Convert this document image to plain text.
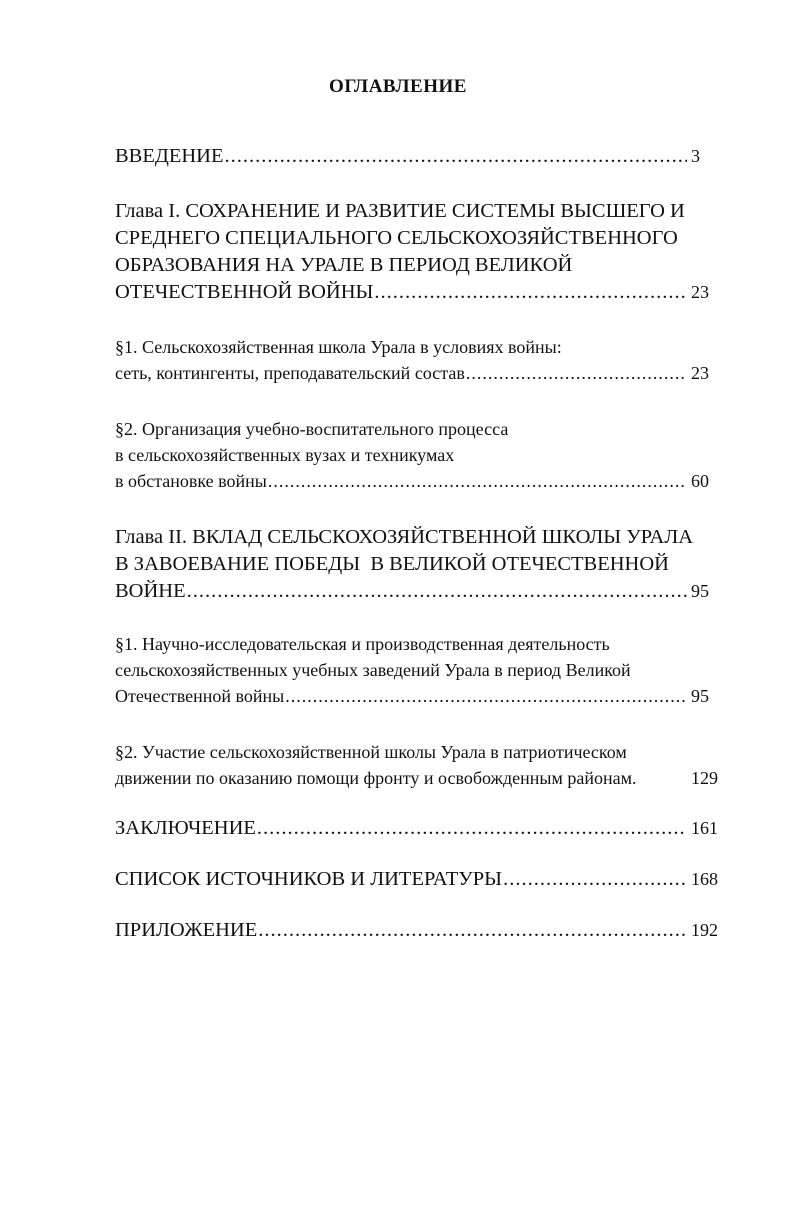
ОГЛАВЛЕНИЕ
ВВЕДЕНИЕ .....	3
Глава I. СОХРАНЕНИЕ И РАЗВИТИЕ СИСТЕМЫ ВЫСШЕГО И
СРЕДНЕГО СПЕЦИАЛЬНОГО СЕЛЬСКОХОЗЯЙСТВЕННОГО
ОБРАЗОВАНИЯ НА УРАЛЕ В ПЕРИОД ВЕЛИКОЙ
ОТЕЧЕСТВЕННОЙ ВОЙНЫ .....	23
§1. Сельскохозяйственная школа Урала в условиях войны:
сеть, контингенты, преподавательский состав .....	23
§2. Организация учебно-воспитательного процесса
в сельскохозяйственных вузах и техникумах
в обстановке войны .....	60
Глава II. ВКЛАД СЕЛЬСКОХОЗЯЙСТВЕННОЙ ШКОЛЫ УРАЛА
В ЗАВОЕВАНИЕ ПОБЕДЫ  В ВЕЛИКОЙ ОТЕЧЕСТВЕННОЙ
ВОЙНЕ .....	95
§1. Научно-исследовательская и производственная деятельность
сельскохозяйственных учебных заведений Урала в период Великой
Отечественной войны .....	95
§2. Участие сельскохозяйственной школы Урала в патриотическом
движении по оказанию помощи фронту и освобожденным районам.	129
ЗАКЛЮЧЕНИЕ .....	161
СПИСОК ИСТОЧНИКОВ И ЛИТЕРАТУРЫ .....	168
ПРИЛОЖЕНИЕ .....	192
